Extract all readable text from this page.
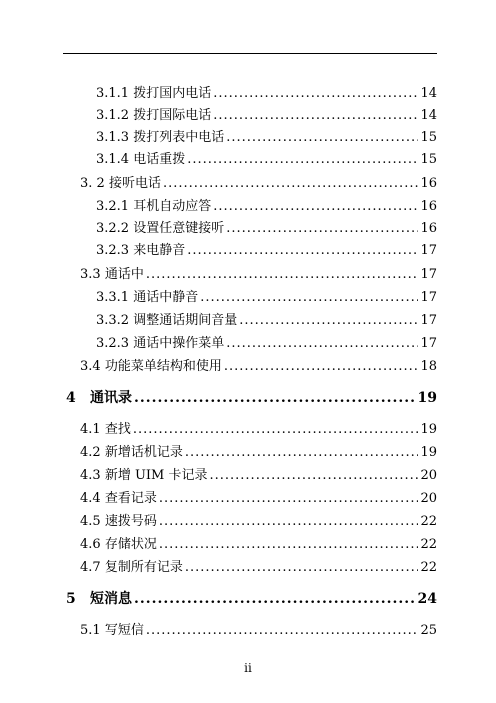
3.1.1 拨打国内电话 .....	14
3.1.2 拨打国际电话 .....	14
3.1.3 拨打列表中电话 .....	15
3.1.4 电话重拨 .....	15
3. 2 接听电话 .....	16
3.2.1 耳机自动应答 .....	16
3.2.2 设置任意键接听 .....	16
3.2.3 来电静音 .....	17
3.3 通话中 .....	17
3.3.1 通话中静音 .....	17
3.3.2 调整通话期间音量 .....	17
3.2.3 通话中操作菜单 .....	17
3.4 功能菜单结构和使用 .....	18
4 通讯录 .....	19
4.1 查找 .....	19
4.2 新增话机记录 .....	19
4.3 新增 UIM 卡记录 .....	20
4.4 查看记录 .....	20
4.5 速拨号码 .....	22
4.6 存储状况 .....	22
4.7 复制所有记录 .....	22
5 短消息 .....	24
5.1 写短信 .....	25
ii
